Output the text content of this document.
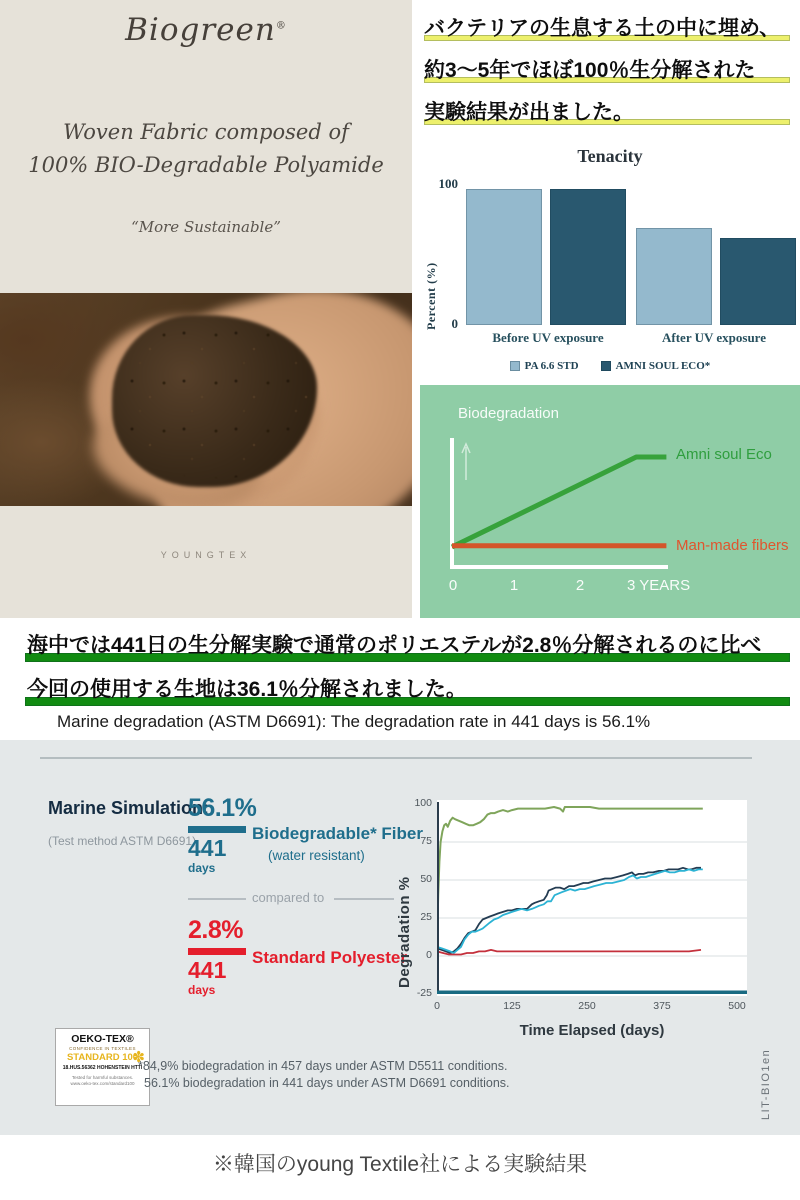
Biogreen®
Woven Fabric composed of
100% BIO-Degradable Polyamide
“More Sustainable”
YOUNGTEX
バクテリアの生息する土の中に埋め、
約3〜5年でほぼ100％生分解された
実験結果が出ました。
Tenacity
Percent (%)
100
0
Before UV exposure	After UV exposure
PA 6.6 STD	AMNI SOUL ECO*
Biodegradation
Amni soul Eco
Man-made fibers
0	1	2	3 YEARS
海中では441日の生分解実験で通常のポリエステルが2.8％分解されるのに比べ
今回の使用する生地は36.1％分解されました。
Marine degradation (ASTM D6691): The degradation rate in 441 days is 56.1%
Marine Simulation:
(Test method ASTM D6691)
56.1%
441 days
Biodegradable* Fiber
(water resistant)
compared to
2.8%
441 days
Standard Polyester
OEKO-TEX®
CONFIDENCE IN TEXTILES
STANDARD 100
18.HUS.56362 HOHENSTEIN HTTI
Tested for harmful substances.
www.oeko-tex.com/standard100
✽
*84,9% biodegradation in 457 days under ASTM D5511 conditions.
56.1% biodegradation in 441 days under ASTM D6691 conditions.
Degradation %
100
75
50
25
0
-25
0	125	250	375	500
Time Elapsed (days)
LIT-BIO1en
※韓国のyoung Textile社による実験結果
